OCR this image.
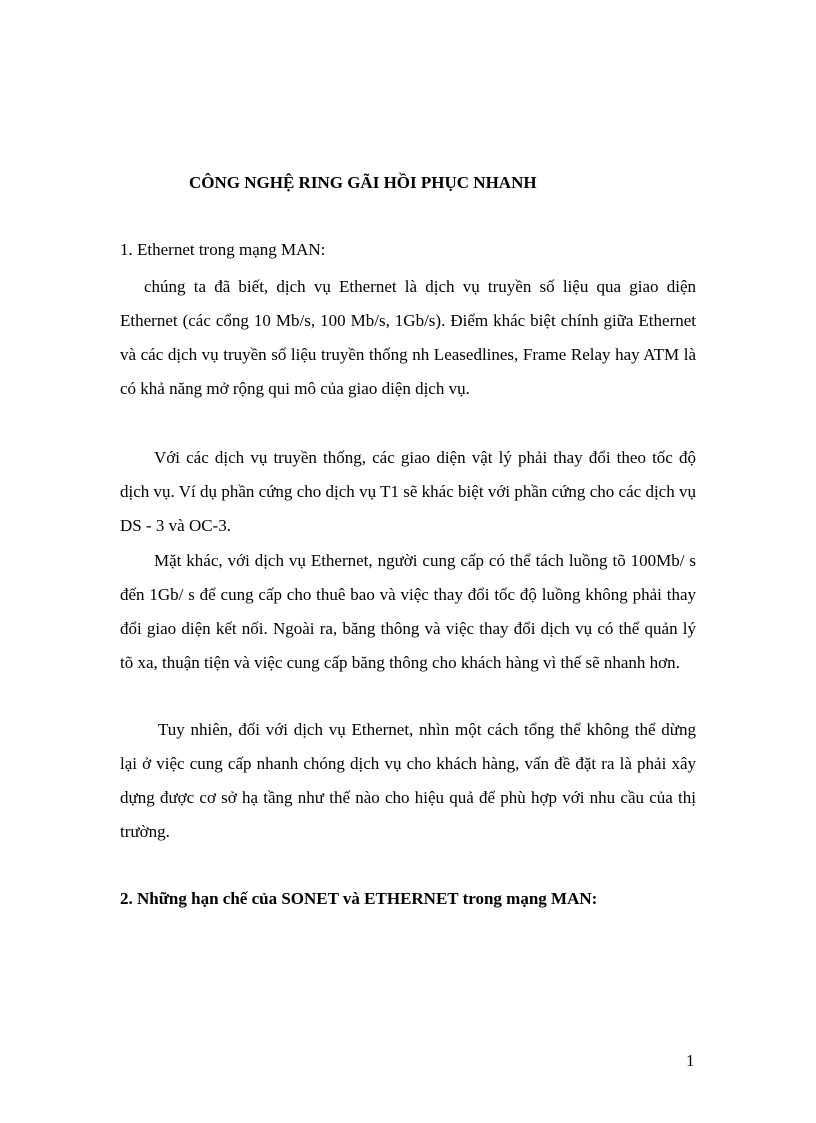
CÔNG NGHỆ RING GÃI HỒI PHỤC NHANH

1. Ethernet trong mạng MAN:

chúng ta đã biết, dịch vụ Ethernet là dịch vụ truyền số liệu qua giao diện Ethernet (các cổng 10 Mb/s, 100 Mb/s, 1Gb/s). Điểm khác biệt chính giữa Ethernet và các dịch vụ truyền số liệu truyền thống nh Leasedlines, Frame Relay hay ATM là có khả năng mở rộng qui mô của giao diện dịch vụ.

Với các dịch vụ truyền thống, các giao diện vật lý phải thay đổi theo tốc độ dịch vụ. Ví dụ phần cứng cho dịch vụ T1 sẽ khác biệt với phần cứng cho các dịch vụ DS - 3 và OC-3.

Mặt khác, với dịch vụ Ethernet, người cung cấp có thể tách luồng tõ 100Mb/ s đến 1Gb/ s để cung cấp cho thuê bao và việc thay đổi tốc độ luồng không phải thay đổi giao diện kết nối. Ngoài ra, băng thông và việc thay đổi dịch vụ có thể quản lý tõ xa, thuận tiện và việc cung cấp băng thông cho khách hàng vì thế sẽ nhanh hơn.

Tuy nhiên, đối với dịch vụ Ethernet, nhìn một cách tổng thể không thể dừng lại ở việc cung cấp nhanh chóng dịch vụ cho khách hàng, vấn đề đặt ra là phải xây dựng được cơ sở hạ tầng như thế nào cho hiệu quả để phù hợp với nhu cầu của thị trường.

2. Những hạn chế của SONET và ETHERNET trong mạng MAN:
1
